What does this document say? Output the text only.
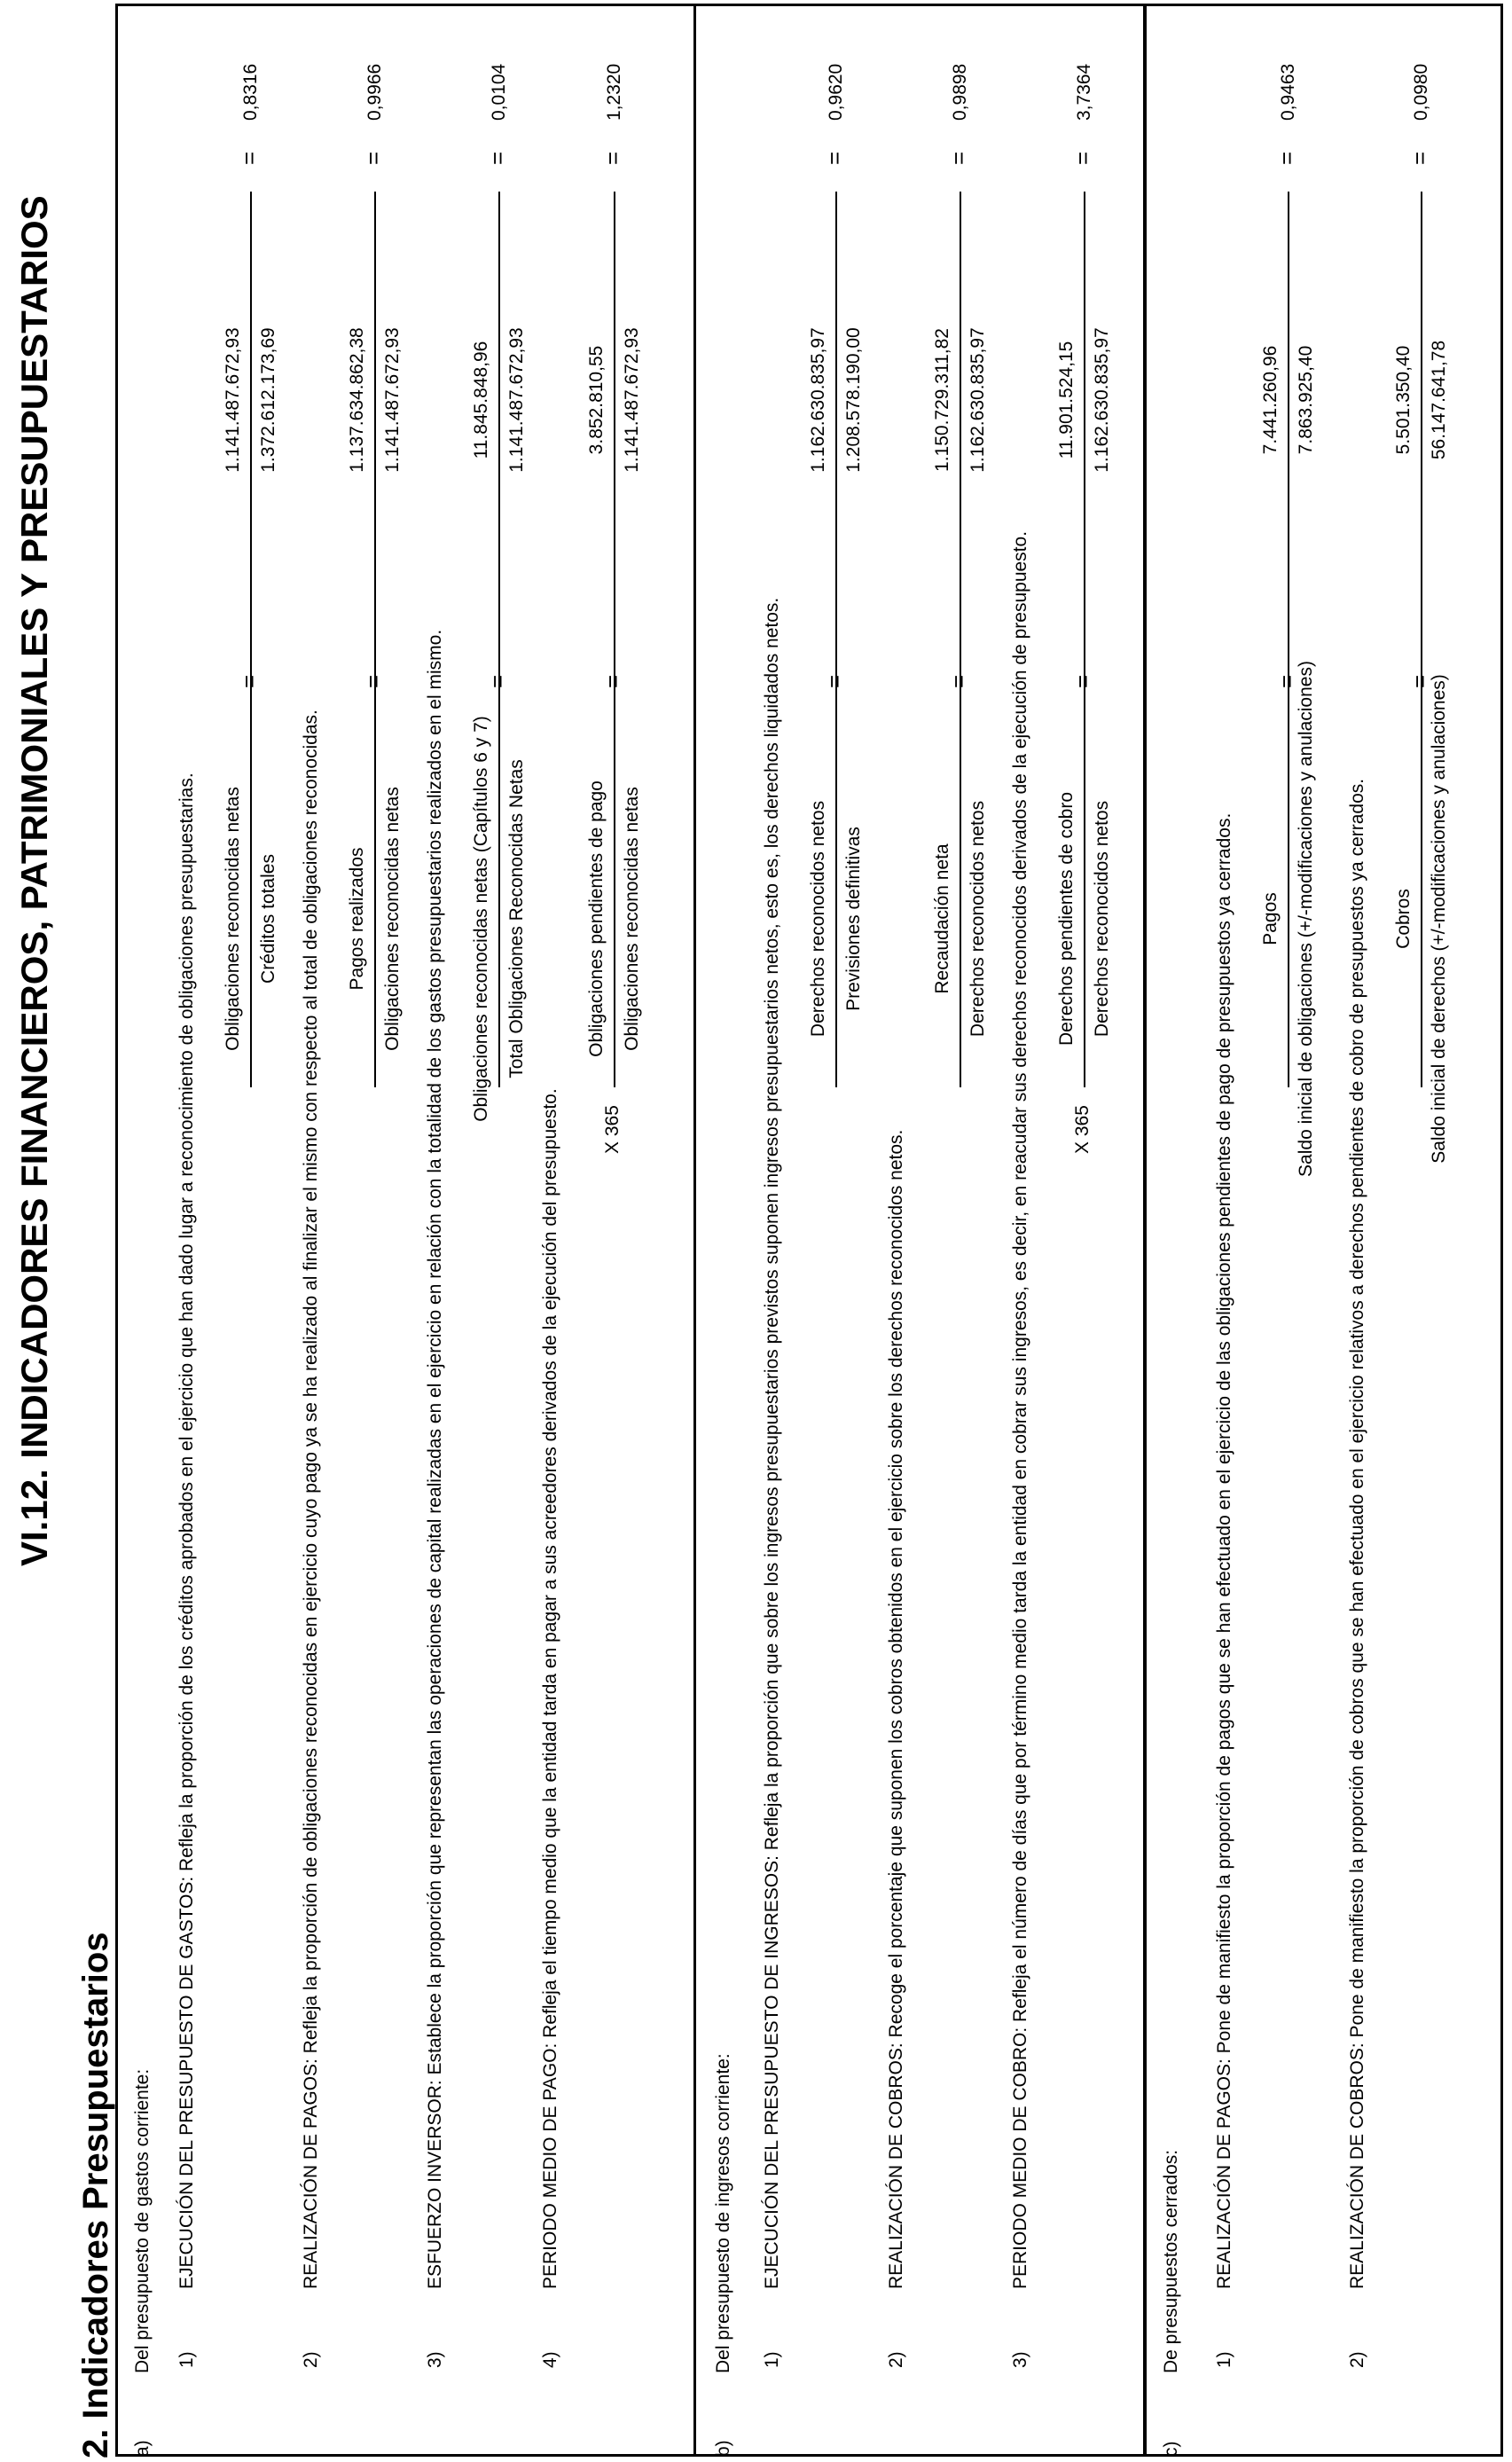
VI.12. INDICADORES FINANCIEROS, PATRIMONIALES Y PRESUPUESTARIOS
2. Indicadores Presupuestarios a)
Del presupuesto de gastos corriente: 1)
EJECUCIÓN DEL PRESUPUESTO DE GASTOS: Refleja la proporción de los créditos aprobados en el ejercicio que han dado lugar a reconocimiento de obligaciones presupuestarias. Obligaciones reconocidas netas Créditos totales
=
1.141.487.672,93 1.372.612.173,69
=
0,8316
2)
REALIZACIÓN DE PAGOS: Refleja la proporción de obligaciones reconocidas en ejercicio cuyo pago ya se ha realizado al finalizar el mismo con respecto al total de obligaciones reconocidas. Pagos realizados Obligaciones reconocidas netas
=
1.137.634.862,38 1.141.487.672,93
=
0,9966
3)
ESFUERZO INVERSOR: Establece la proporción que representan las operaciones de capital realizadas en el ejercicio en relación con la totalidad de los gastos presupuestarios realizados en el mismo. Obligaciones reconocidas netas (Capítulos 6 y 7) Total Obligaciones Reconocidas Netas
=
11.845.848,96 1.141.487.672,93
=
0,0104
4)
PERIODO MEDIO DE PAGO: Refleja el tiempo medio que la entidad tarda en pagar a sus acreedores derivados de la ejecución del presupuesto.
Obligaciones pendientes de pago Obligaciones reconocidas netas
X 365
=
3.852.810,55 1.141.487.672,93
=
1,2320
b)
Del presupuesto de ingresos corriente: 1)
EJECUCIÓN DEL PRESUPUESTO DE INGRESOS: Refleja la proporción que sobre los ingresos presupuestarios previstos suponen ingresos presupuestarios netos, esto es, los derechos liquidados netos. Derechos reconocidos netos Previsiones definitivas
=
1.162.630.835,97 1.208.578.190,00
=
0,9620
2)
REALIZACIÓN DE COBROS: Recoge el porcentaje que suponen los cobros obtenidos en el ejercicio sobre los derechos reconocidos netos.
Recaudación neta Derechos reconocidos netos
=
1.150.729.311,82 1.162.630.835,97
=
0,9898
3)
PERIODO MEDIO DE COBRO: Refleja el número de días que por término medio tarda la entidad en cobrar sus ingresos, es decir, en reacudar sus derechos reconocidos derivados de la ejecución de presupuesto. Derechos pendientes de cobro Derechos reconocidos netos
X 365
=
11.901.524,15 1.162.630.835,97
=
3,7364
c)
De presupuestos cerrados: 1)
REALIZACIÓN DE PAGOS: Pone de manifiesto la proporción de pagos que se han efectuado en el ejercicio de las obligaciones pendientes de pago de presupuestos ya cerrados. Pagos Saldo inicial de obligaciones (+/-modificaciones y anulaciones)
=
7.441.260,96 7.863.925,40
=
0,9463
2)
REALIZACIÓN DE COBROS: Pone de manifiesto la proporción de cobros que se han efectuado en el ejercicio relativos a derechos pendientes de cobro de presupuestos ya cerrados. Cobros Saldo inicial de derechos (+/-modificaciones y anulaciones)
=
5.501.350,40 56.147.641,78
=
0,0980
